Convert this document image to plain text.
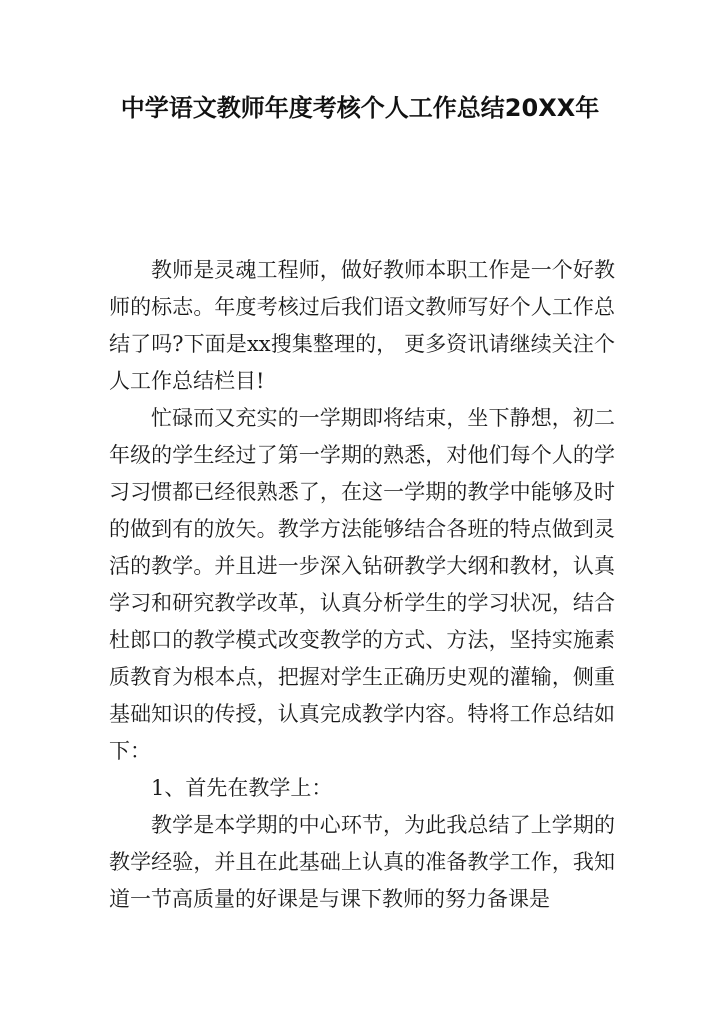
中学语文教师年度考核个人工作总结20XX年

教师是灵魂工程师，做好教师本职工作是一个好教师的标志。年度考核过后我们语文教师写好个人工作总结了吗?下面是xx搜集整理的， 更多资讯请继续关注个人工作总结栏目!

忙碌而又充实的一学期即将结束，坐下静想，初二年级的学生经过了第一学期的熟悉，对他们每个人的学习习惯都已经很熟悉了，在这一学期的教学中能够及时的做到有的放矢。教学方法能够结合各班的特点做到灵活的教学。并且进一步深入钻研教学大纲和教材，认真学习和研究教学改革，认真分析学生的学习状况，结合杜郎口的教学模式改变教学的方式、方法，坚持实施素质教育为根本点，把握对学生正确历史观的灌输，侧重基础知识的传授，认真完成教学内容。特将工作总结如下：

1、首先在教学上：

教学是本学期的中心环节，为此我总结了上学期的教学经验，并且在此基础上认真的准备教学工作，我知道一节高质量的好课是与课下教师的努力备课是
